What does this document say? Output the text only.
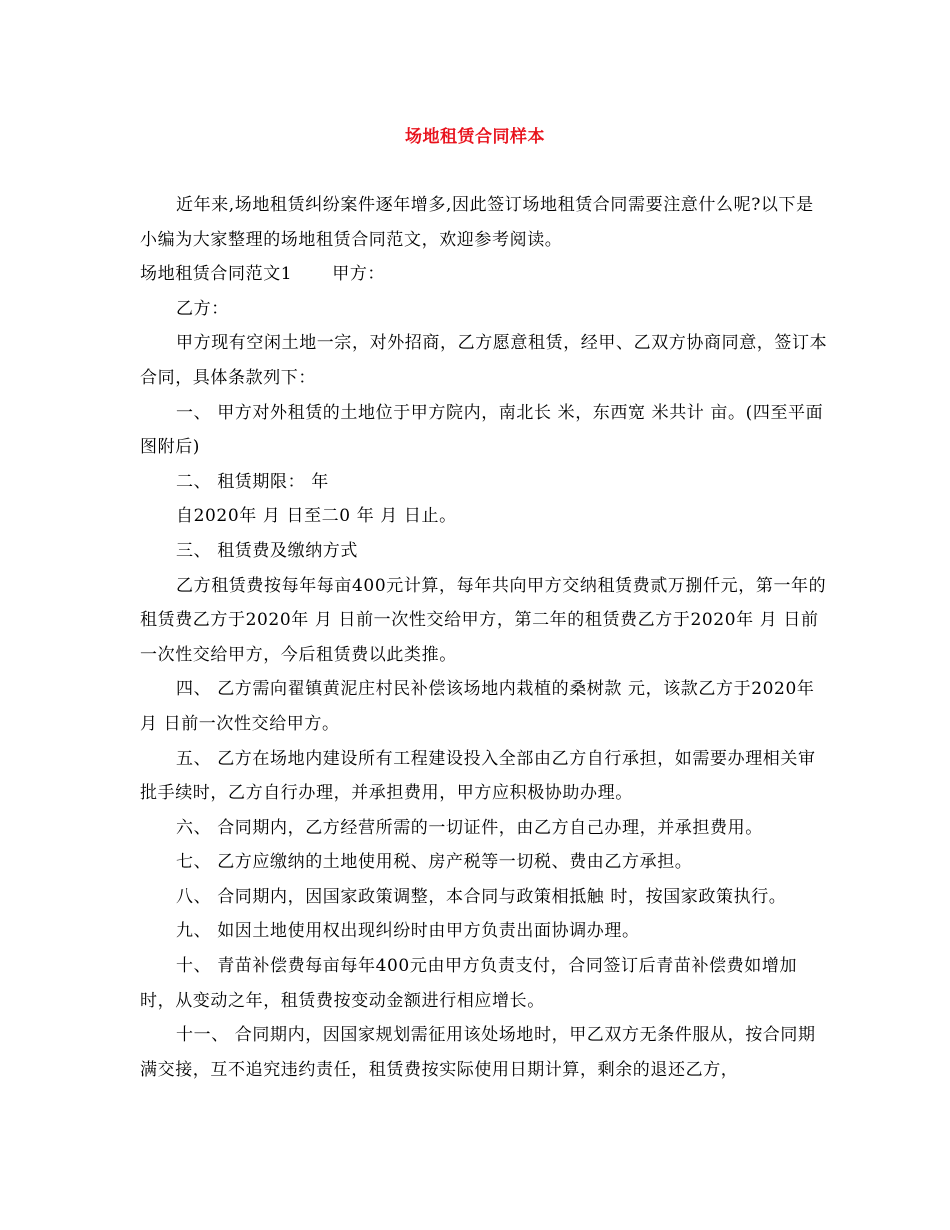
场地租赁合同样本

近年来,场地租赁纠纷案件逐年增多,因此签订场地租赁合同需要注意什么呢?以下是小编为大家整理的场地租赁合同范文，欢迎参考阅读。

场地租赁合同范文1 甲方：

乙方：

甲方现有空闲土地一宗，对外招商，乙方愿意租赁，经甲、乙双方协商同意，签订本合同，具体条款列下：

一、 甲方对外租赁的土地位于甲方院内，南北长 米，东西宽 米共计 亩。(四至平面图附后)

二、 租赁期限： 年

自2020年 月 日至二0 年 月 日止。

三、 租赁费及缴纳方式

乙方租赁费按每年每亩400元计算，每年共向甲方交纳租赁费贰万捌仟元，第一年的租赁费乙方于2020年 月 日前一次性交给甲方，第二年的租赁费乙方于2020年 月 日前一次性交给甲方，今后租赁费以此类推。

四、 乙方需向翟镇黄泥庄村民补偿该场地内栽植的桑树款 元，该款乙方于2020年 月 日前一次性交给甲方。

五、 乙方在场地内建设所有工程建设投入全部由乙方自行承担，如需要办理相关审批手续时，乙方自行办理，并承担费用，甲方应积极协助办理。

六、 合同期内，乙方经营所需的一切证件，由乙方自己办理，并承担费用。

七、 乙方应缴纳的土地使用税、房产税等一切税、费由乙方承担。

八、 合同期内，因国家政策调整，本合同与政策相抵触 时，按国家政策执行。

九、 如因土地使用权出现纠纷时由甲方负责出面协调办理。

十、 青苗补偿费每亩每年400元由甲方负责支付，合同签订后青苗补偿费如增加时，从变动之年，租赁费按变动金额进行相应增长。

十一、 合同期内，因国家规划需征用该处场地时，甲乙双方无条件服从，按合同期满交接，互不追究违约责任，租赁费按实际使用日期计算，剩余的退还乙方，
